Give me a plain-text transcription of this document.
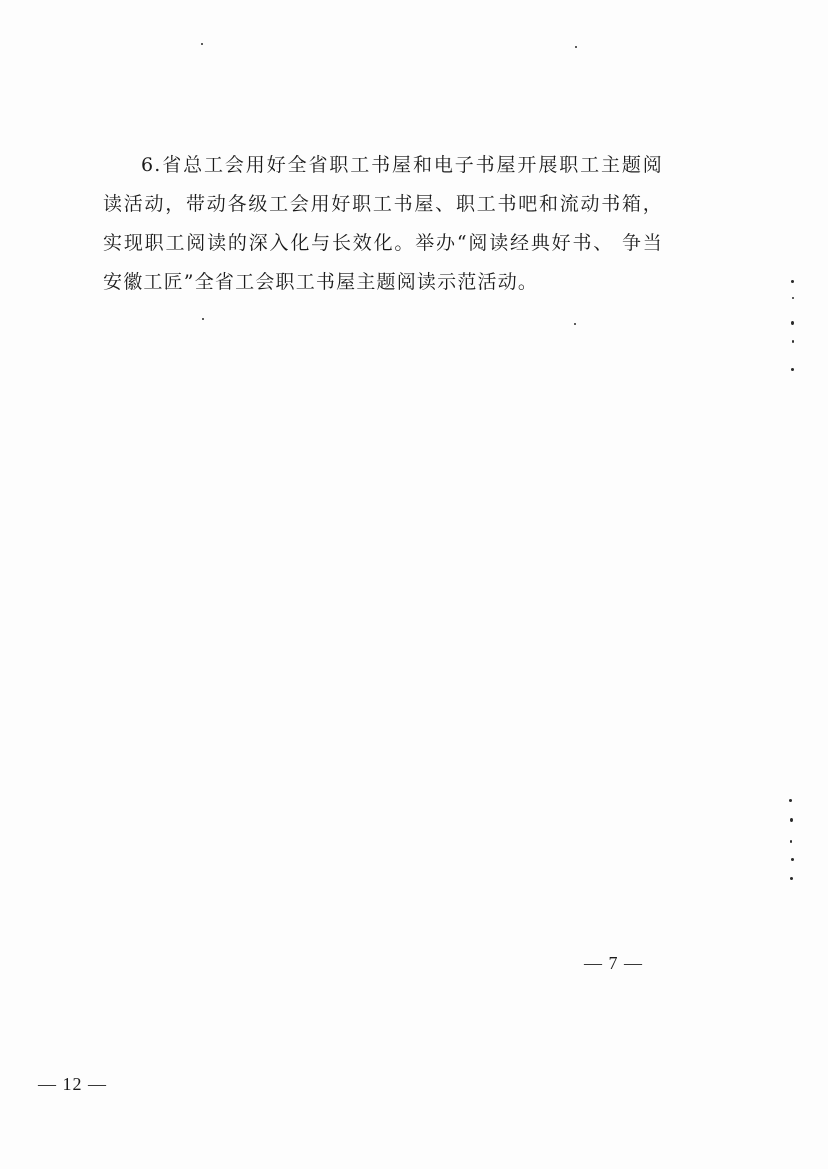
6.省总工会用好全省职工书屋和电子书屋开展职工主题阅读活动，带动各级工会用好职工书屋、职工书吧和流动书箱，实现职工阅读的深入化与长效化。举办“阅读经典好书、 争当安徽工匠”全省工会职工书屋主题阅读示范活动。

— 7 —
— 12 —
